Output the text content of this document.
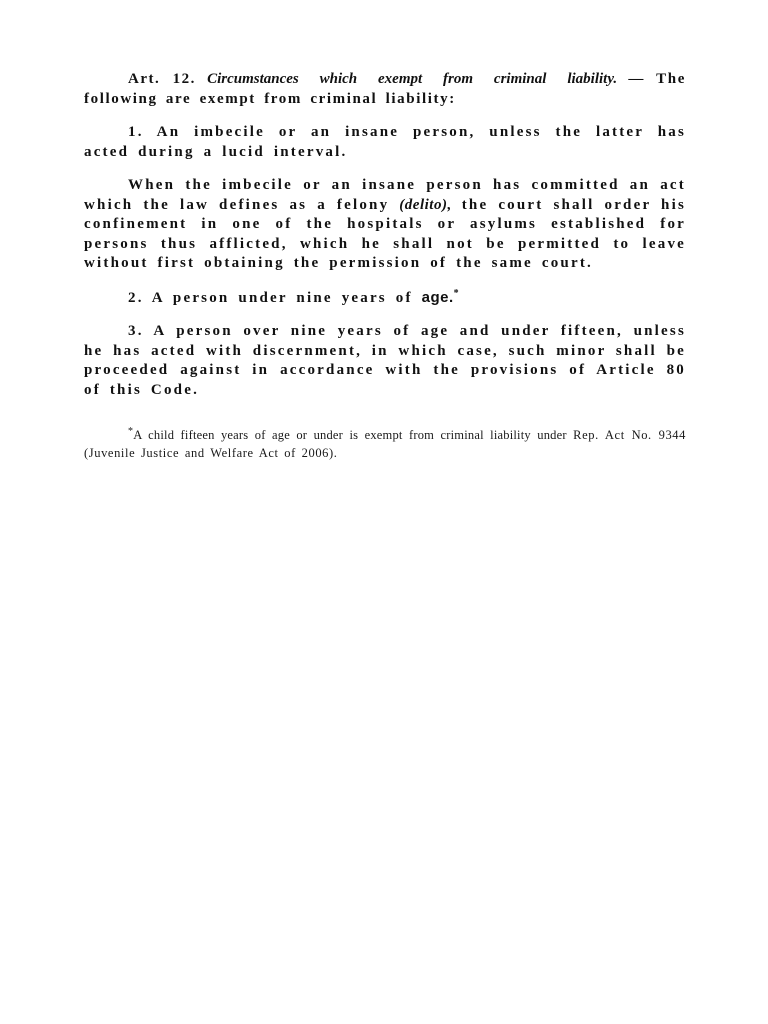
Art. 12. Circumstances which exempt from criminal liability. — The following are exempt from criminal liability:

1. An imbecile or an insane person, unless the latter has acted during a lucid interval.

When the imbecile or an insane person has committed an act which the law defines as a felony (delito), the court shall order his confinement in one of the hospitals or asylums established for persons thus afflicted, which he shall not be permitted to leave without first obtaining the permission of the same court.

2. A person under nine years of age.*

3. A person over nine years of age and under fifteen, unless he has acted with discernment, in which case, such minor shall be proceeded against in accordance with the provisions of Article 80 of this Code.

*A child fifteen years of age or under is exempt from criminal liability under Rep. Act No. 9344 (Juvenile Justice and Welfare Act of 2006).
